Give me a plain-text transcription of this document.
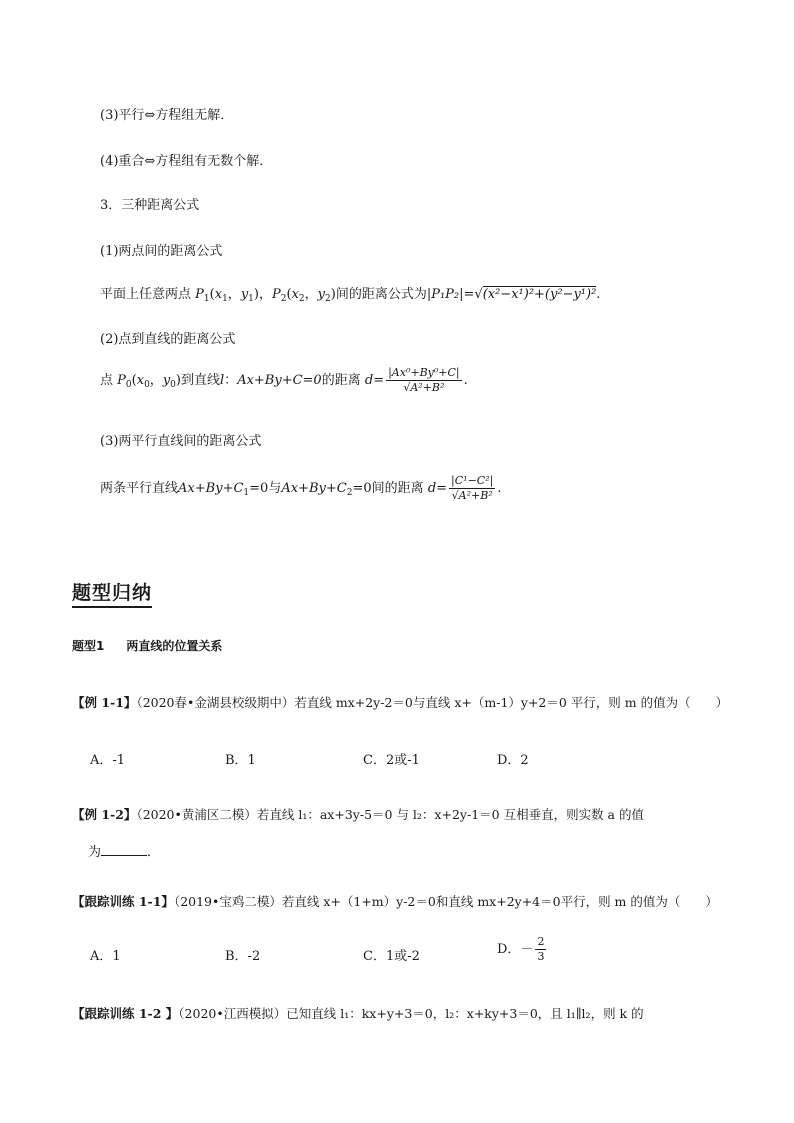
(3)平行⇔方程组无解．
(4)重合⇔方程组有无数个解．
3．三种距离公式
(1)两点间的距离公式
平面上任意两点 $P_1(x_1$，$y_1$)，$P_2(x_2$，$y_2$)间的距离公式为|P₁P₂|=√(x²−x¹)²+(y²−y¹)².
(2)点到直线的距离公式
点 $P_0(x_0$，$y_0$)到直线l：Ax+By+C=0的距离 $d= \frac{\text{|Ax⁰+By⁰+C|}}{\text{√A²+B²}}$ .
(3)两平行直线间的距离公式
两条平行直线$Ax+By+C_1=0$与$Ax+By+C_2=0$间的距离 $d= \frac{\text{|C¹−C²|}}{\text{√A²+B²}}$ .
题型归纳
题型1 两直线的位置关系
【例 1-1】（2020春•金湖县校级期中）若直线 mx+2y-2＝0与直线 x+（m-1）y+2＝0 平行，则 m 的值为（　　）
A．-1	B．1	C．2或-1	D．2
【例 1-2】（2020•黄浦区二模）若直线 l₁：ax+3y-5＝0 与 l₂：x+2y-1＝0 互相垂直，则实数 a 的值
为	．
【跟踪训练 1-1】（2019•宝鸡二模）若直线 x+（1+m）y-2＝0和直线 mx+2y+4＝0平行，则 m 的值为（　　）
A．1	B．-2	C．1或-2	D．－ $\frac{2}{3}$
【跟踪训练 1-2 】（2020•江西模拟）已知直线 l₁：kx+y+3＝0，l₂：x+ky+3＝0，且 l₁∥l₂，则 k 的
